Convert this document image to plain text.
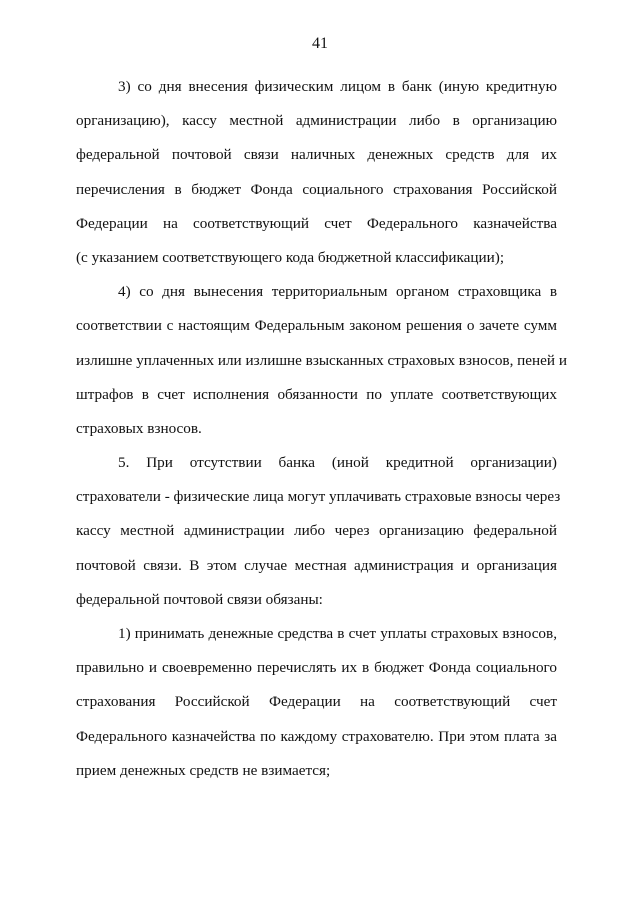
41
3) со дня внесения физическим лицом в банк (иную кредитную
организацию), кассу местной администрации либо в организацию
федеральной почтовой связи наличных денежных средств для их
перечисления в бюджет Фонда социального страхования Российской
Федерации на соответствующий счет Федерального казначейства
(с указанием соответствующего кода бюджетной классификации);
4) со дня вынесения территориальным органом страховщика в
соответствии с настоящим Федеральным законом решения о зачете сумм
излишне уплаченных или излишне взысканных страховых взносов, пеней и
штрафов в счет исполнения обязанности по уплате соответствующих
страховых взносов.
5. При отсутствии банка (иной кредитной организации)
страхователи - физические лица могут уплачивать страховые взносы через
кассу местной администрации либо через организацию федеральной
почтовой связи. В этом случае местная администрация и организация
федеральной почтовой связи обязаны:
1) принимать денежные средства в счет уплаты страховых взносов,
правильно и своевременно перечислять их в бюджет Фонда социального
страхования Российской Федерации на соответствующий счет
Федерального казначейства по каждому страхователю. При этом плата за
прием денежных средств не взимается;
